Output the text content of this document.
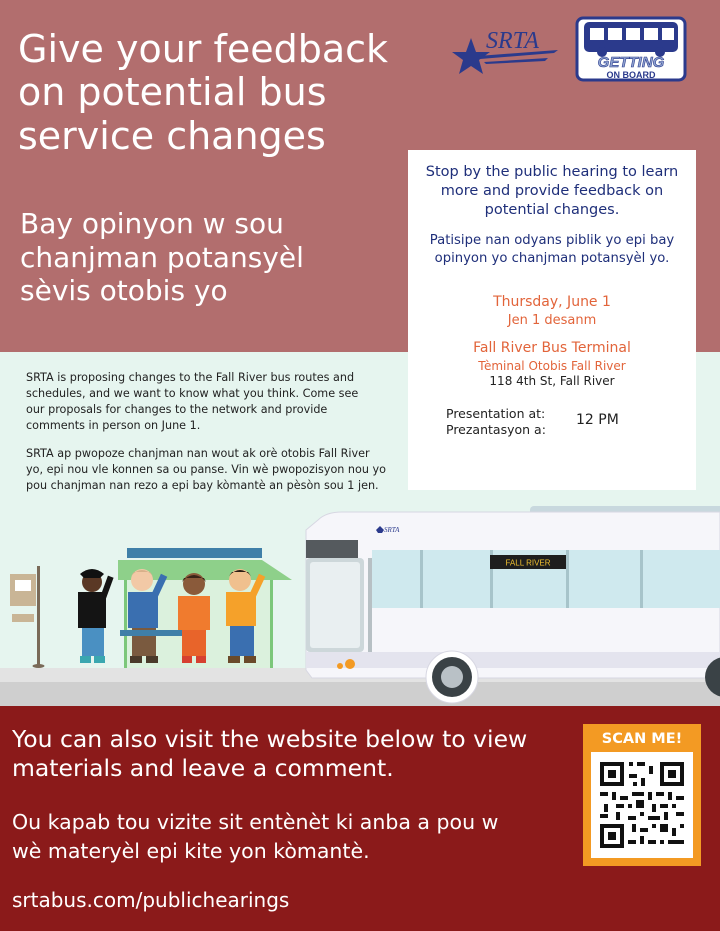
Give your feedback on potential bus service changes
Bay opinyon w sou chanjman potansyèl sèvis otobis yo
SRTA
GETTING
ON BOARD

SRTA is proposing changes to the Fall River bus routes and schedules, and we want to know what you think. Come see our proposals for changes to the network and provide comments in person on June 1.

SRTA ap pwopoze chanjman nan wout ak orè otobis Fall River yo, epi nou vle konnen sa ou panse. Vin wè pwopozisyon nou yo pou chanjman nan rezo a epi bay kòmantè an pèsòn sou 1 jen.

FALL RIVER
SRTA
Stop by the public hearing to learn more and provide feedback on potential changes.
Patisipe nan odyans piblik yo epi bay opinyon yo chanjman potansyèl yo.
Thursday, June 1
Jen 1 desanm
Fall River Bus Terminal
Tèminal Otobis Fall River
118 4th St, Fall River
Presentation at:
Prezantasyon a:
12 PM
You can also visit the website below to view materials and leave a comment.
Ou kapab tou vizite sit entènèt ki anba a pou w wè materyèl epi kite yon kòmantè.
srtabus.com/publichearings
SCAN ME!
